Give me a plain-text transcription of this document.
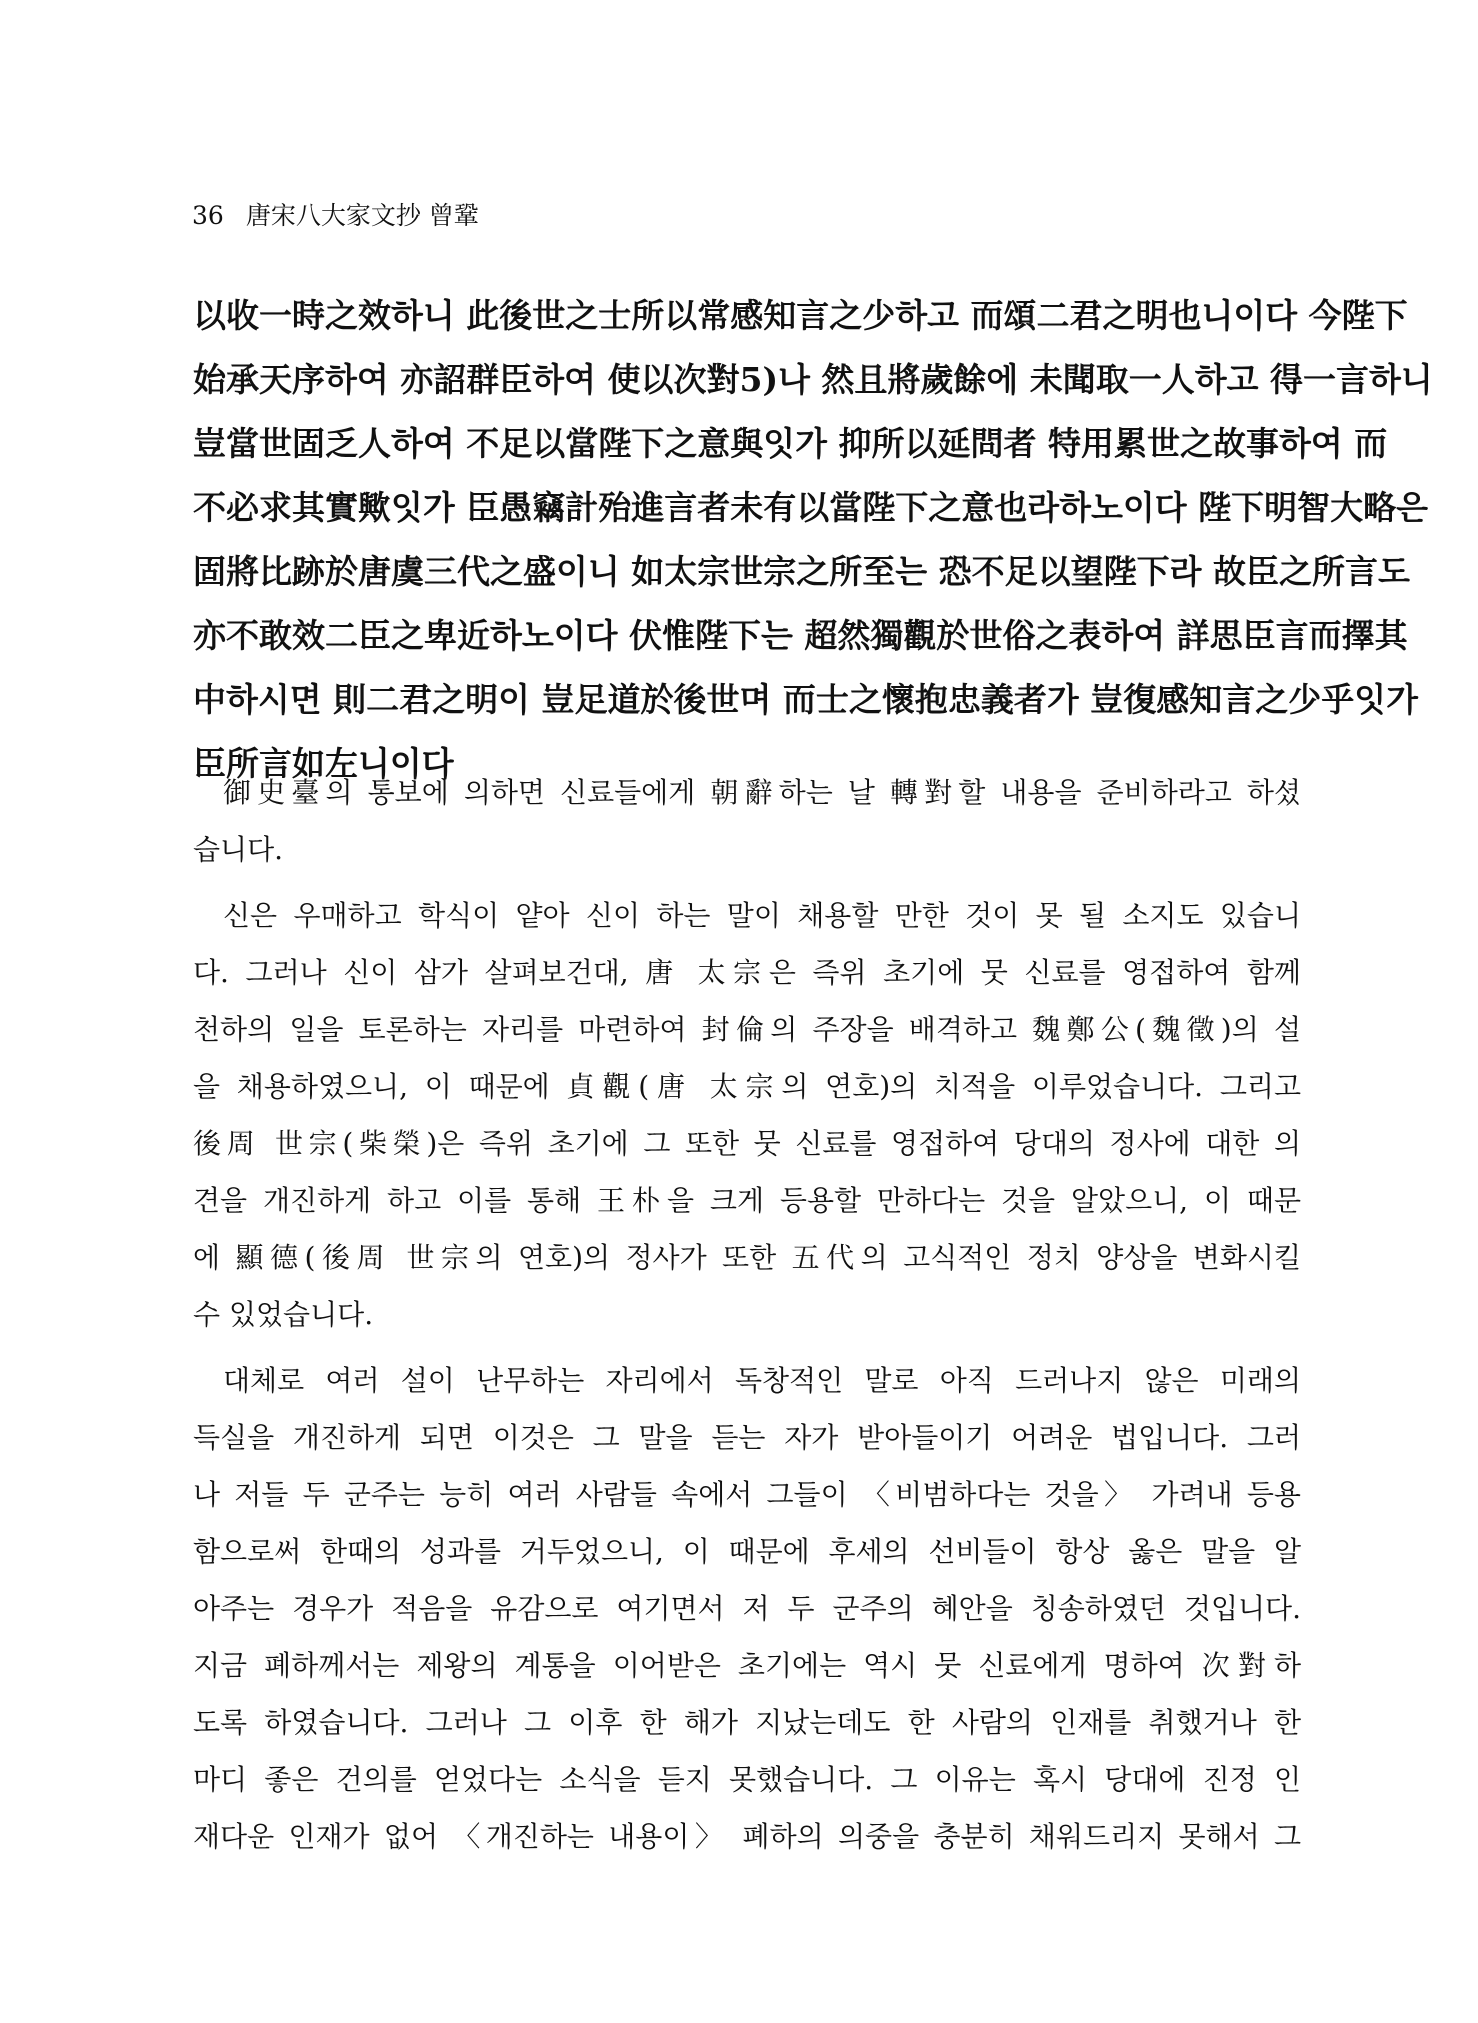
36 唐宋八大家文抄 曾鞏
以收一時之效하니 此後世之士所以常感知言之少하고 而頌二君之明也니이다 今陛下
始承天序하여 亦詔群臣하여 使以次對5)나 然且將歲餘에 未聞取一人하고 得一言하니
豈當世固乏人하여 不足以當陛下之意與잇가 抑所以延問者 特用累世之故事하여 而
不必求其實歟잇가 臣愚竊計殆進言者未有以當陛下之意也라하노이다 陛下明智大略은
固將比跡於唐虞三代之盛이니 如太宗世宗之所至는 恐不足以望陛下라 故臣之所言도
亦不敢效二臣之卑近하노이다 伏惟陛下는 超然獨觀於世俗之表하여 詳思臣言而擇其
中하시면 則二君之明이 豈足道於後世며 而士之懷抱忠義者가 豈復感知言之少乎잇가
臣所言如左니이다
御史臺의 통보에 의하면 신료들에게 朝辭하는 날 轉對할 내용을 준비하라고 하셨
습니다.
신은 우매하고 학식이 얕아 신이 하는 말이 채용할 만한 것이 못 될 소지도 있습니
다. 그러나 신이 삼가 살펴보건대, 唐 太宗은 즉위 초기에 뭇 신료를 영접하여 함께
천하의 일을 토론하는 자리를 마련하여 封倫의 주장을 배격하고 魏鄭公(魏徵)의 설
을 채용하였으니, 이 때문에 貞觀(唐 太宗의 연호)의 치적을 이루었습니다. 그리고
後周 世宗(柴榮)은 즉위 초기에 그 또한 뭇 신료를 영접하여 당대의 정사에 대한 의
견을 개진하게 하고 이를 통해 王朴을 크게 등용할 만하다는 것을 알았으니, 이 때문
에 顯德(後周 世宗의 연호)의 정사가 또한 五代의 고식적인 정치 양상을 변화시킬
수 있었습니다.
대체로 여러 설이 난무하는 자리에서 독창적인 말로 아직 드러나지 않은 미래의
득실을 개진하게 되면 이것은 그 말을 듣는 자가 받아들이기 어려운 법입니다. 그러
나 저들 두 군주는 능히 여러 사람들 속에서 그들이 〈비범하다는 것을〉 가려내 등용
함으로써 한때의 성과를 거두었으니, 이 때문에 후세의 선비들이 항상 옳은 말을 알
아주는 경우가 적음을 유감으로 여기면서 저 두 군주의 혜안을 칭송하였던 것입니다.
지금 폐하께서는 제왕의 계통을 이어받은 초기에는 역시 뭇 신료에게 명하여 次對하
도록 하였습니다. 그러나 그 이후 한 해가 지났는데도 한 사람의 인재를 취했거나 한
마디 좋은 건의를 얻었다는 소식을 듣지 못했습니다. 그 이유는 혹시 당대에 진정 인
재다운 인재가 없어 〈개진하는 내용이〉 폐하의 의중을 충분히 채워드리지 못해서 그
